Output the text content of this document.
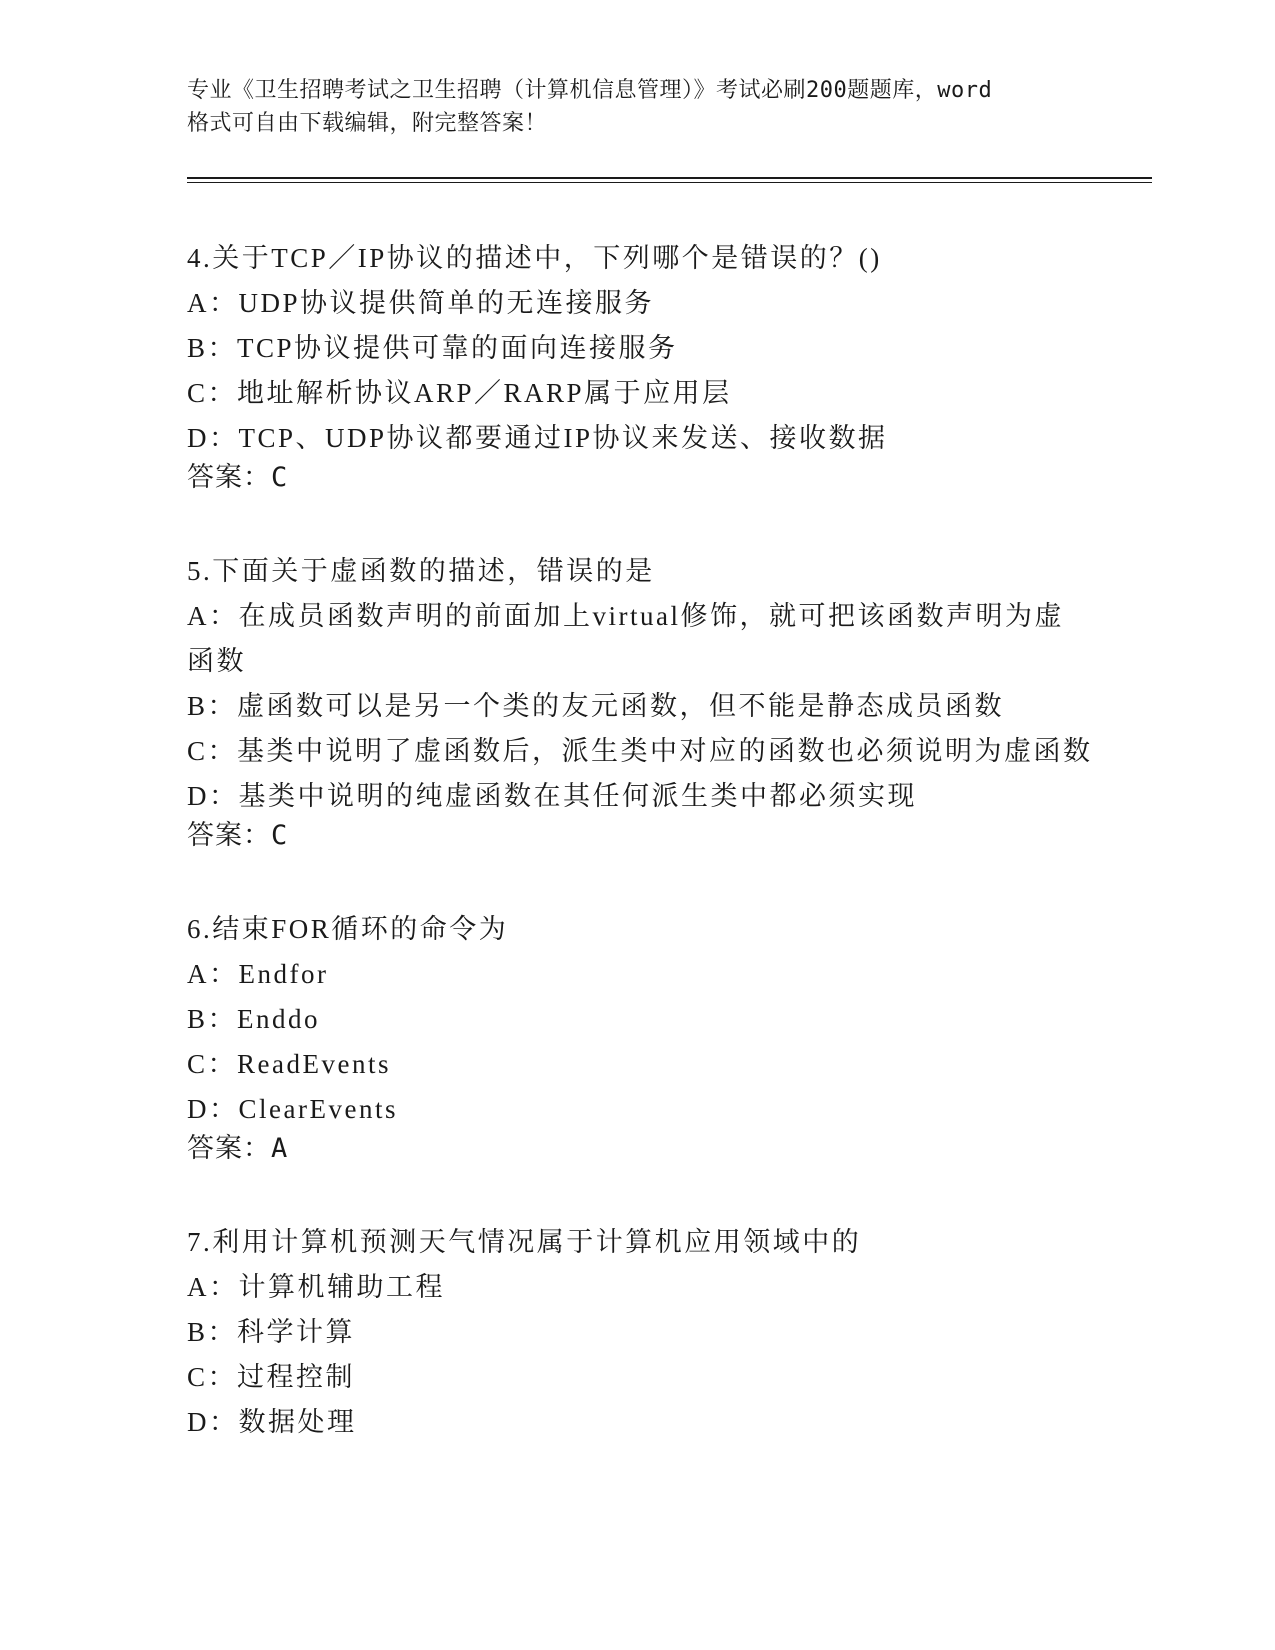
专业《卫生招聘考试之卫生招聘（计算机信息管理）》考试必刷200题题库，word
格式可自由下载编辑，附完整答案！
4.关于TCP／IP协议的描述中，下列哪个是错误的？()
A：UDP协议提供简单的无连接服务
B：TCP协议提供可靠的面向连接服务
C：地址解析协议ARP／RARP属于应用层
D：TCP、UDP协议都要通过IP协议来发送、接收数据
答案：C
5.下面关于虚函数的描述，错误的是
A：在成员函数声明的前面加上virtual修饰，就可把该函数声明为虚
函数
B：虚函数可以是另一个类的友元函数，但不能是静态成员函数
C：基类中说明了虚函数后，派生类中对应的函数也必须说明为虚函数
D：基类中说明的纯虚函数在其任何派生类中都必须实现
答案：C
6.结束FOR循环的命令为
A：Endfor
B：Enddo
C：ReadEvents
D：ClearEvents
答案：A
7.利用计算机预测天气情况属于计算机应用领域中的
A：计算机辅助工程
B：科学计算
C：过程控制
D：数据处理
